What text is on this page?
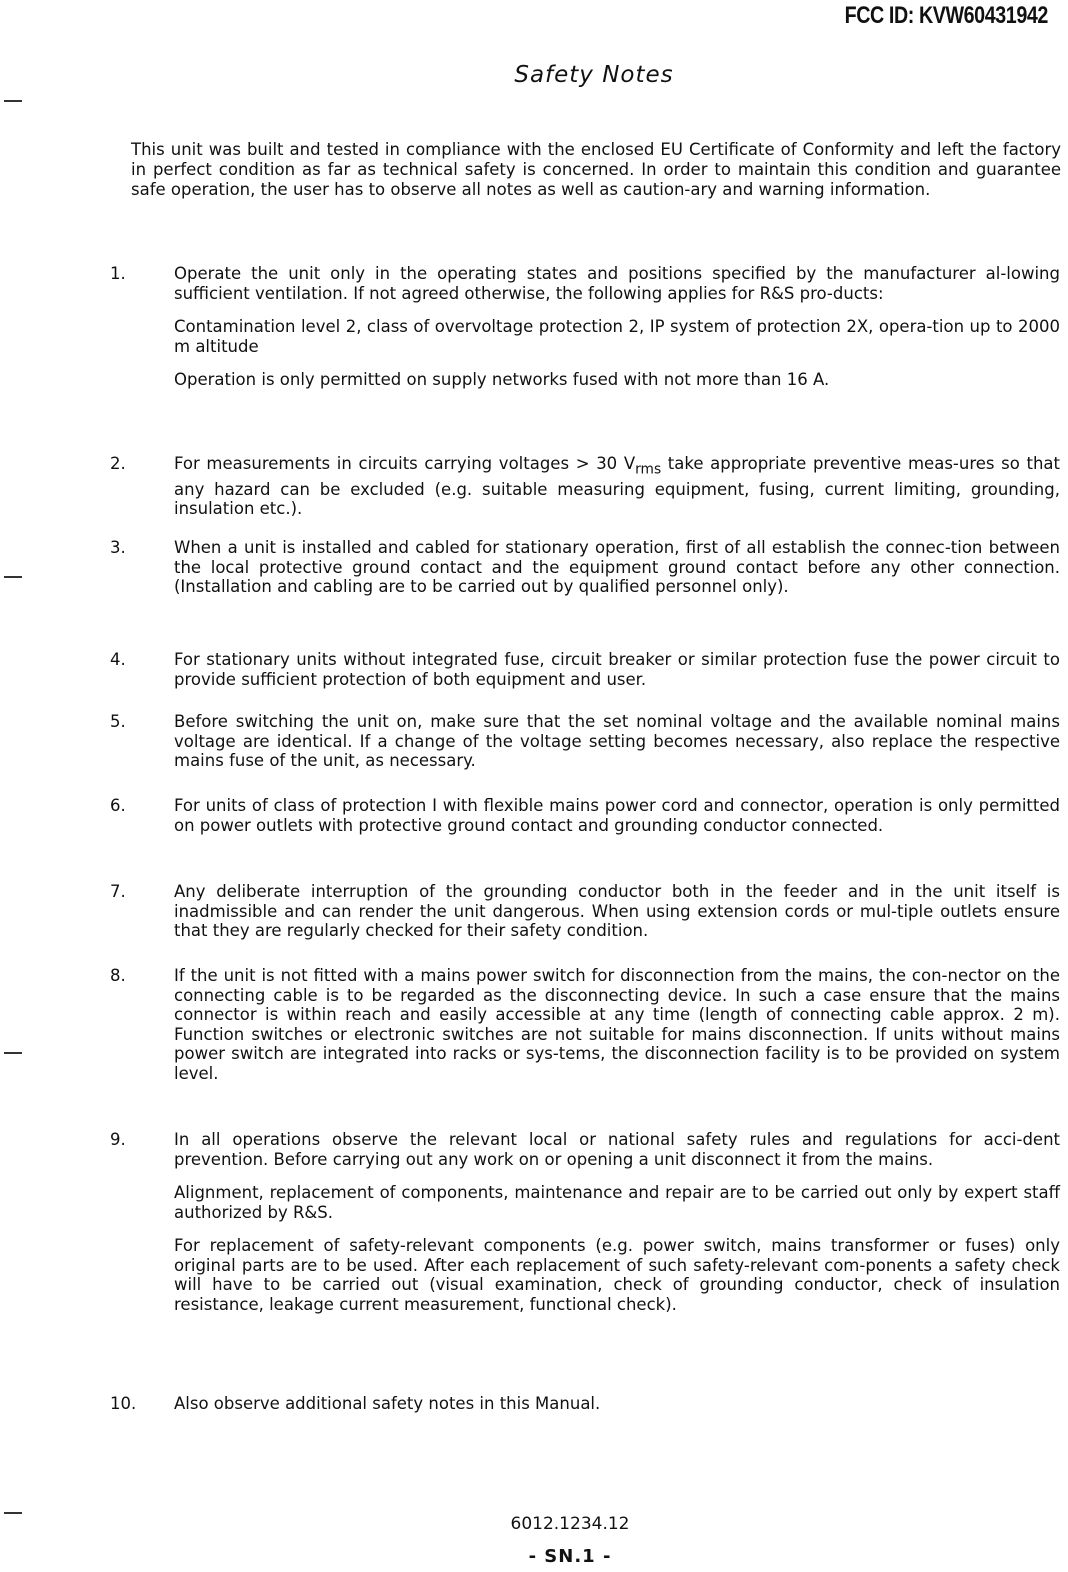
FCC ID: KVW60431942
Safety Notes
This unit was built and tested in compliance with the enclosed EU Certificate of Conformity and left the factory in perfect condition as far as technical safety is concerned. In order to maintain this condition and guarantee safe operation, the user has to observe all notes as well as caution-ary and warning information.
1.	Operate the unit only in the operating states and positions specified by the manufacturer al-lowing sufficient ventilation. If not agreed otherwise, the following applies for R&S pro-ducts:

Contamination level 2, class of overvoltage protection 2, IP system of protection 2X, opera-tion up to 2000 m altitude

Operation is only permitted on supply networks fused with not more than 16 A.

2.	For measurements in circuits carrying voltages > 30 $V_{rms}$ take appropriate preventive meas-ures so that any hazard can be excluded (e.g. suitable measuring equipment, fusing, current limiting, grounding, insulation etc.).

3.	When a unit is installed and cabled for stationary operation, first of all establish the connec-tion between the local protective ground contact and the equipment ground contact before any other connection. (Installation and cabling are to be carried out by qualified personnel only).

4.	For stationary units without integrated fuse, circuit breaker or similar protection fuse the power circuit to provide sufficient protection of both equipment and user.

5.	Before switching the unit on, make sure that the set nominal voltage and the available nominal mains voltage are identical. If a change of the voltage setting becomes necessary, also replace the respective mains fuse of the unit, as necessary.

6.	For units of class of protection I with flexible mains power cord and connector, operation is only permitted on power outlets with protective ground contact and grounding conductor connected.

7.	Any deliberate interruption of the grounding conductor both in the feeder and in the unit itself is inadmissible and can render the unit dangerous. When using extension cords or mul-tiple outlets ensure that they are regularly checked for their safety condition.

8.	If the unit is not fitted with a mains power switch for disconnection from the mains, the con-nector on the connecting cable is to be regarded as the disconnecting device. In such a case ensure that the mains connector is within reach and easily accessible at any time (length of connecting cable approx. 2 m). Function switches or electronic switches are not suitable for mains disconnection. If units without mains power switch are integrated into racks or sys-tems, the disconnection facility is to be provided on system level.

9.	In all operations observe the relevant local or national safety rules and regulations for acci-dent prevention. Before carrying out any work on or opening a unit disconnect it from the mains.

Alignment, replacement of components, maintenance and repair are to be carried out only by expert staff authorized by R&S.

For replacement of safety-relevant components (e.g. power switch, mains transformer or fuses) only original parts are to be used. After each replacement of such safety-relevant com-ponents a safety check will have to be carried out (visual examination, check of grounding conductor, check of insulation resistance, leakage current measurement, functional check).

10.	Also observe additional safety notes in this Manual.

6012.1234.12
- SN.1 -
